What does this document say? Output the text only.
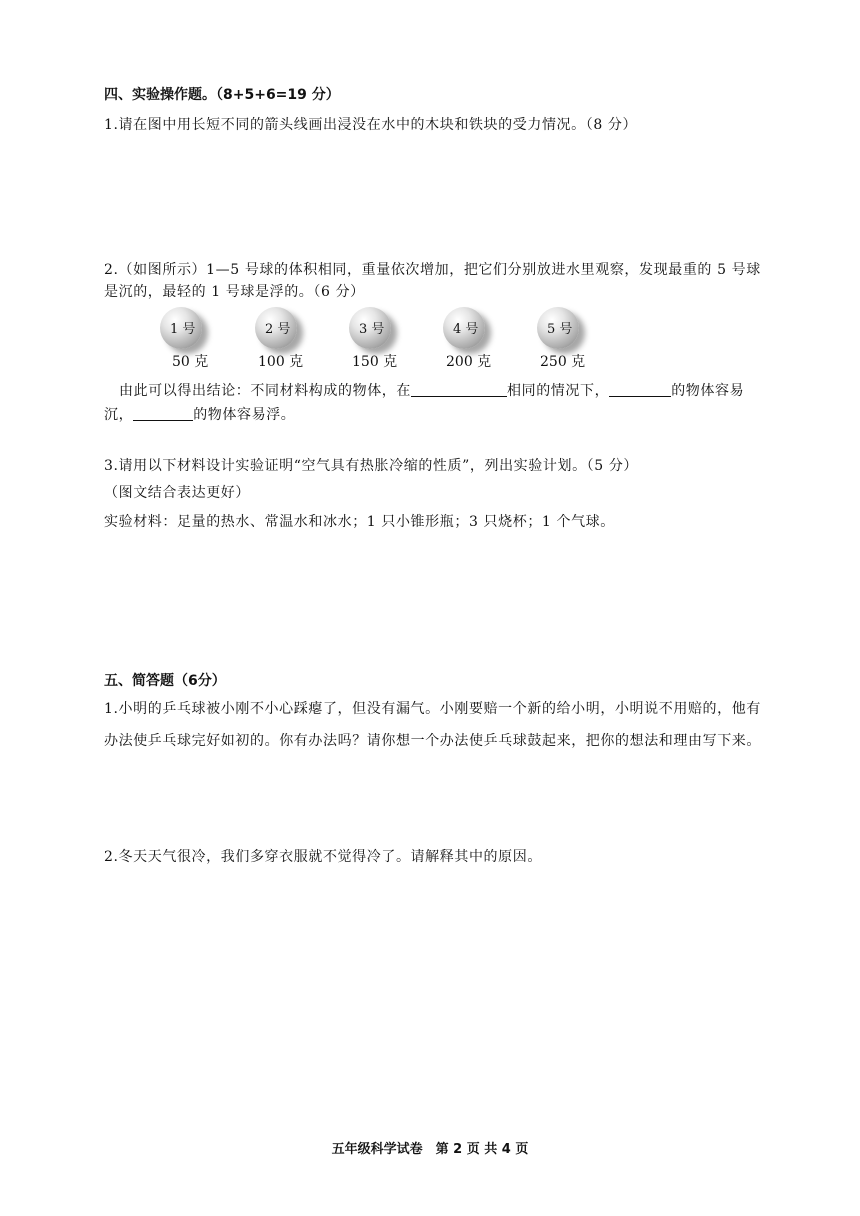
四、实验操作题。（8+5+6=19 分）
1.请在图中用长短不同的箭头线画出浸没在水中的木块和铁块的受力情况。（8 分）
2.（如图所示）1—5 号球的体积相同，重量依次增加，把它们分别放进水里观察，发现最重的 5 号球
是沉的，最轻的 1 号球是浮的。（6 分）
1 号
50 克
2 号
100 克
3 号
150 克
4 号
200 克
5 号
250 克
由此可以得出结论：不同材料构成的物体，在	相同的情况下，	的物体容易
沉，	的物体容易浮。
3.请用以下材料设计实验证明“空气具有热胀冷缩的性质”，列出实验计划。（5 分）
（图文结合表达更好）
实验材料：足量的热水、常温水和冰水；1 只小锥形瓶；3 只烧杯；1 个气球。
五、简答题（6分）
1.小明的乒乓球被小刚不小心踩瘪了，但没有漏气。小刚要赔一个新的给小明，小明说不用赔的，他有
办法使乒乓球完好如初的。你有办法吗？请你想一个办法使乒乓球鼓起来，把你的想法和理由写下来。
2.冬天天气很冷，我们多穿衣服就不觉得冷了。请解释其中的原因。
五年级科学试卷　第 2 页 共 4 页
